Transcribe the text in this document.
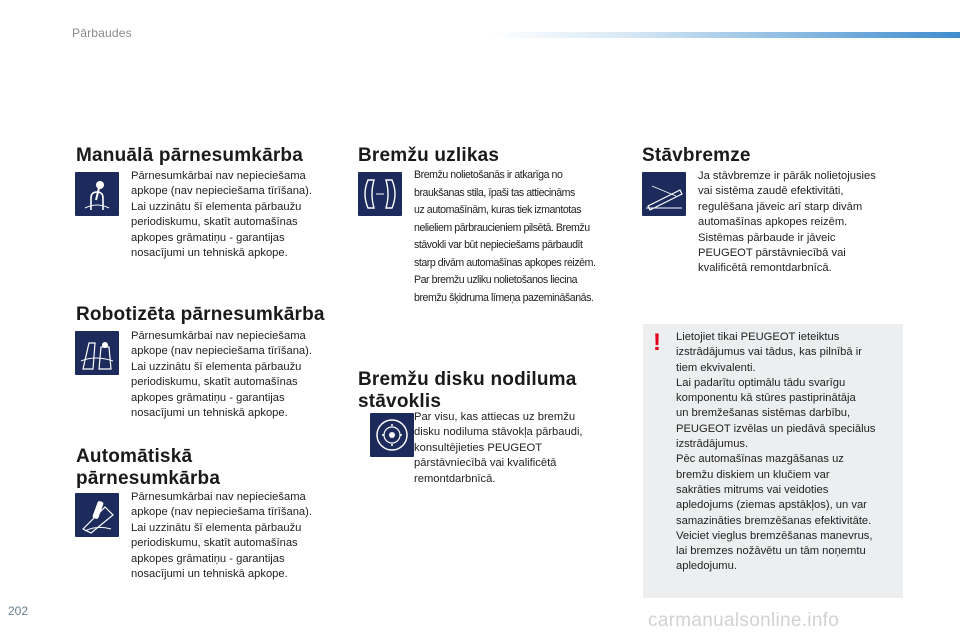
Pārbaudes
Manuālā pārnesumkārba

Pārnesumkārbai nav nepieciešama
apkope (nav nepieciešama tīrīšana).
Lai uzzinātu šī elementa pārbaužu
periodiskumu, skatīt automašīnas
apkopes grāmatiņu - garantijas
nosacījumi un tehniskā apkope.

Robotizēta pārnesumkārba

Pārnesumkārbai nav nepieciešama
apkope (nav nepieciešama tīrīšana).
Lai uzzinātu šī elementa pārbaužu
periodiskumu, skatīt automašīnas
apkopes grāmatiņu - garantijas
nosacījumi un tehniskā apkope.

Automātiskā
pārnesumkārba

Pārnesumkārbai nav nepieciešama
apkope (nav nepieciešama tīrīšana).
Lai uzzinātu šī elementa pārbaužu
periodiskumu, skatīt automašīnas
apkopes grāmatiņu - garantijas
nosacījumi un tehniskā apkope.

Bremžu uzlikas

Bremžu nolietošanās ir atkarīga no
braukšanas stila, īpaši tas attiecināms
uz automašīnām, kuras tiek izmantotas
nelieliem pārbraucieniem pilsētā. Bremžu
stāvokli var būt nepieciešams pārbaudīt
starp divām automašīnas apkopes reizēm.
Par bremžu uzliku nolietošanos liecina
bremžu šķidruma līmeņa pazemināšanās.

Bremžu disku nodiluma
stāvoklis

Par visu, kas attiecas uz bremžu
disku nodiluma stāvokļa pārbaudi,
konsultējieties PEUGEOT
pārstāvniecībā vai kvalificētā
remontdarbnīcā.

Stāvbremze

Ja stāvbremze ir pārāk nolietojusies
vai sistēma zaudē efektivitāti,
regulēšana jāveic arī starp divām
automašīnas apkopes reizēm.
Sistēmas pārbaude ir jāveic
PEUGEOT pārstāvniecībā vai
kvalificētā remontdarbnīcā.

! Lietojiet tikai PEUGEOT ieteiktus
izstrādājumus vai tādus, kas pilnībā ir
tiem ekvivalenti.
Lai padarītu optimālu tādu svarīgu
komponentu kā stūres pastiprinātāja
un bremžešanas sistēmas darbību,
PEUGEOT izvēlas un piedāvā speciālus
izstrādājumus.
Pēc automašīnas mazgāšanas uz
bremžu diskiem un klučiem var
sakrāties mitrums vai veidoties
apledojums (ziemas apstākļos), un var
samazināties bremzēšanas efektivitāte.
Veiciet vieglus bremzēšanas manevrus,
lai bremzes nožāvētu un tām noņemtu
apledojumu.

202	carmanualsonline.info
